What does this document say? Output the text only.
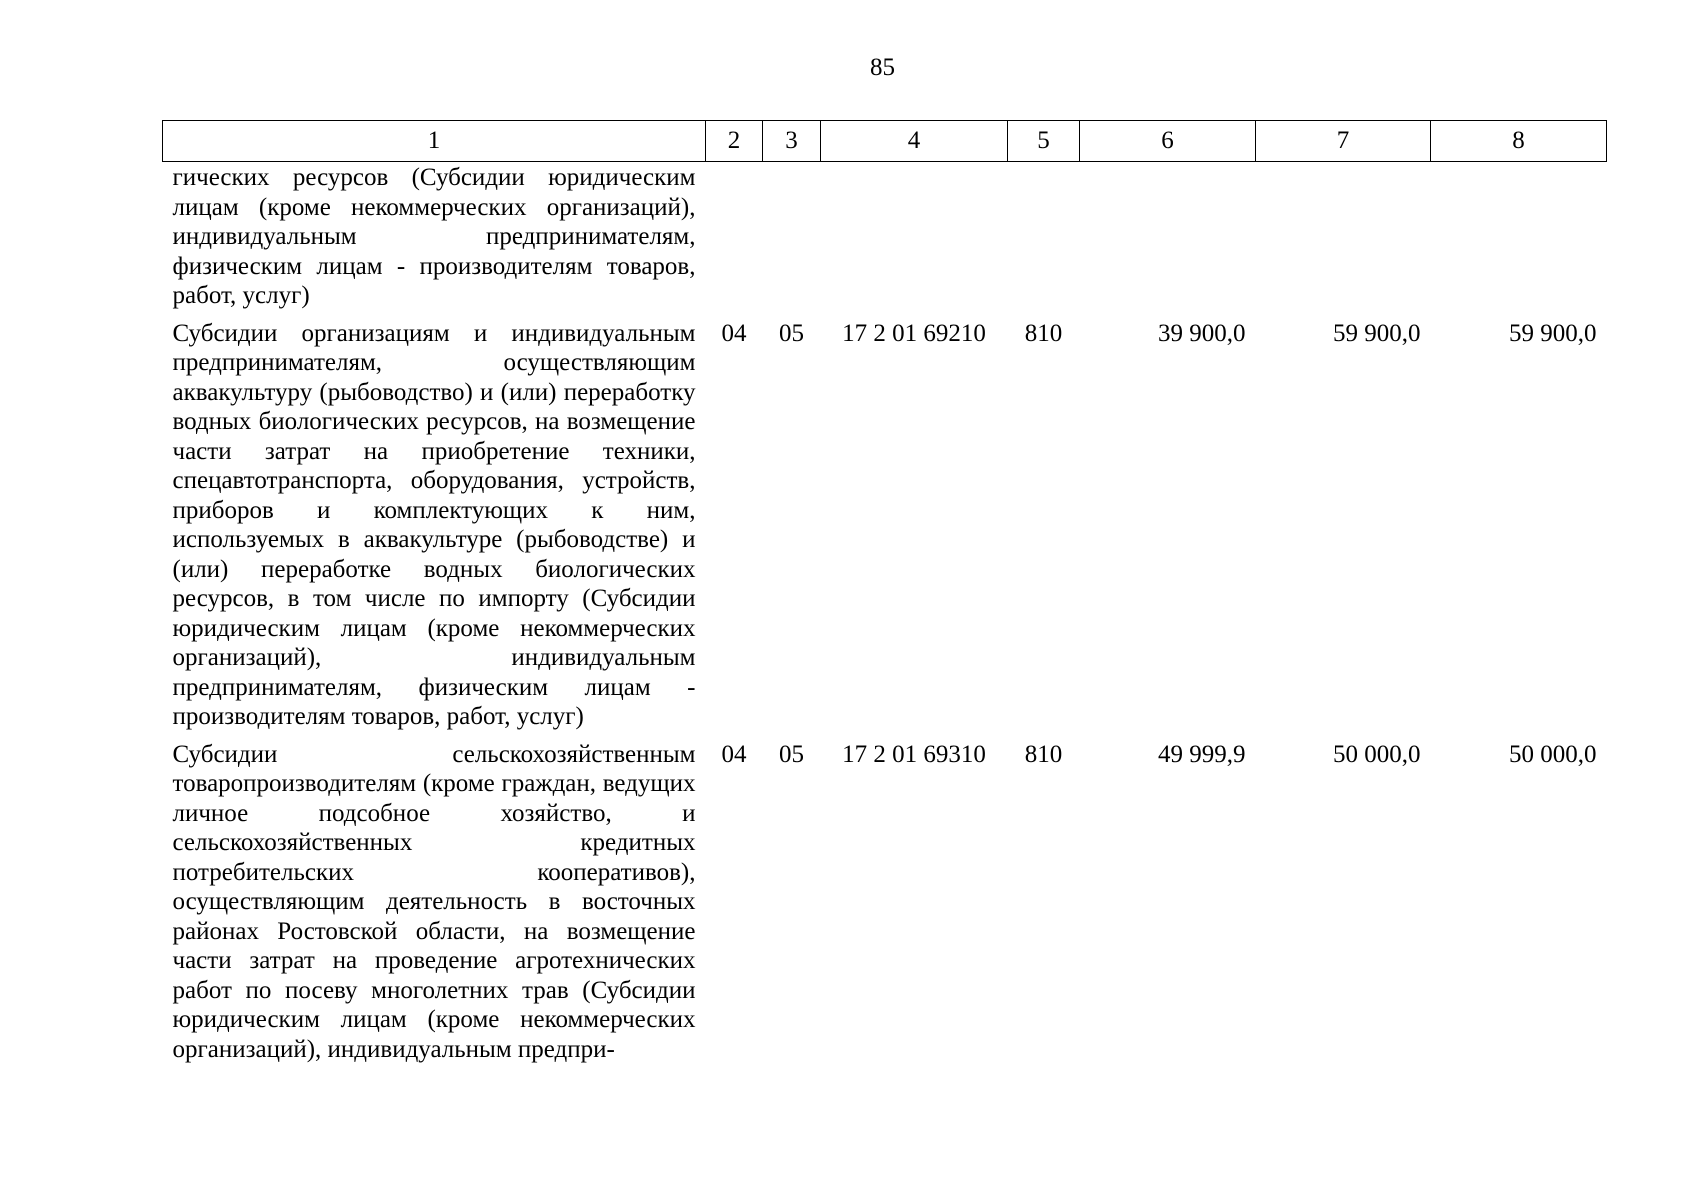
85
1	2	3	4	5	6	7	8
гических ресурсов (Субсидии юридическим лицам (кроме некоммерческих организаций), индивидуальным предпринимателям, физическим лицам - производителям товаров, работ, услуг)							
Субсидии организациям и индивидуальным предпринимателям, осуществляющим аквакультуру (рыбоводство) и (или) переработку водных биологических ресурсов, на возмещение части затрат на приобретение техники, спецавтотранспорта, оборудования, устройств, приборов и комплектующих к ним, используемых в аквакультуре (рыбоводстве) и (или) переработке водных биологических ресурсов, в том числе по импорту (Субсидии юридическим лицам (кроме некоммерческих организаций), индивидуальным предпринимателям, физическим лицам - производителям товаров, работ, услуг)	04	05	17 2 01 69210	810	39 900,0	59 900,0	59 900,0
Субсидии сельскохозяйственным товаропроизводителям (кроме граждан, ведущих личное подсобное хозяйство, и сельскохозяйственных кредитных потребительских кооперативов), осуществляющим деятельность в восточных районах Ростовской области, на возмещение части затрат на проведение агротехнических работ по посеву многолетних трав (Субсидии юридическим лицам (кроме некоммерческих организаций), индивидуальным предпри-	04	05	17 2 01 69310	810	49 999,9	50 000,0	50 000,0
